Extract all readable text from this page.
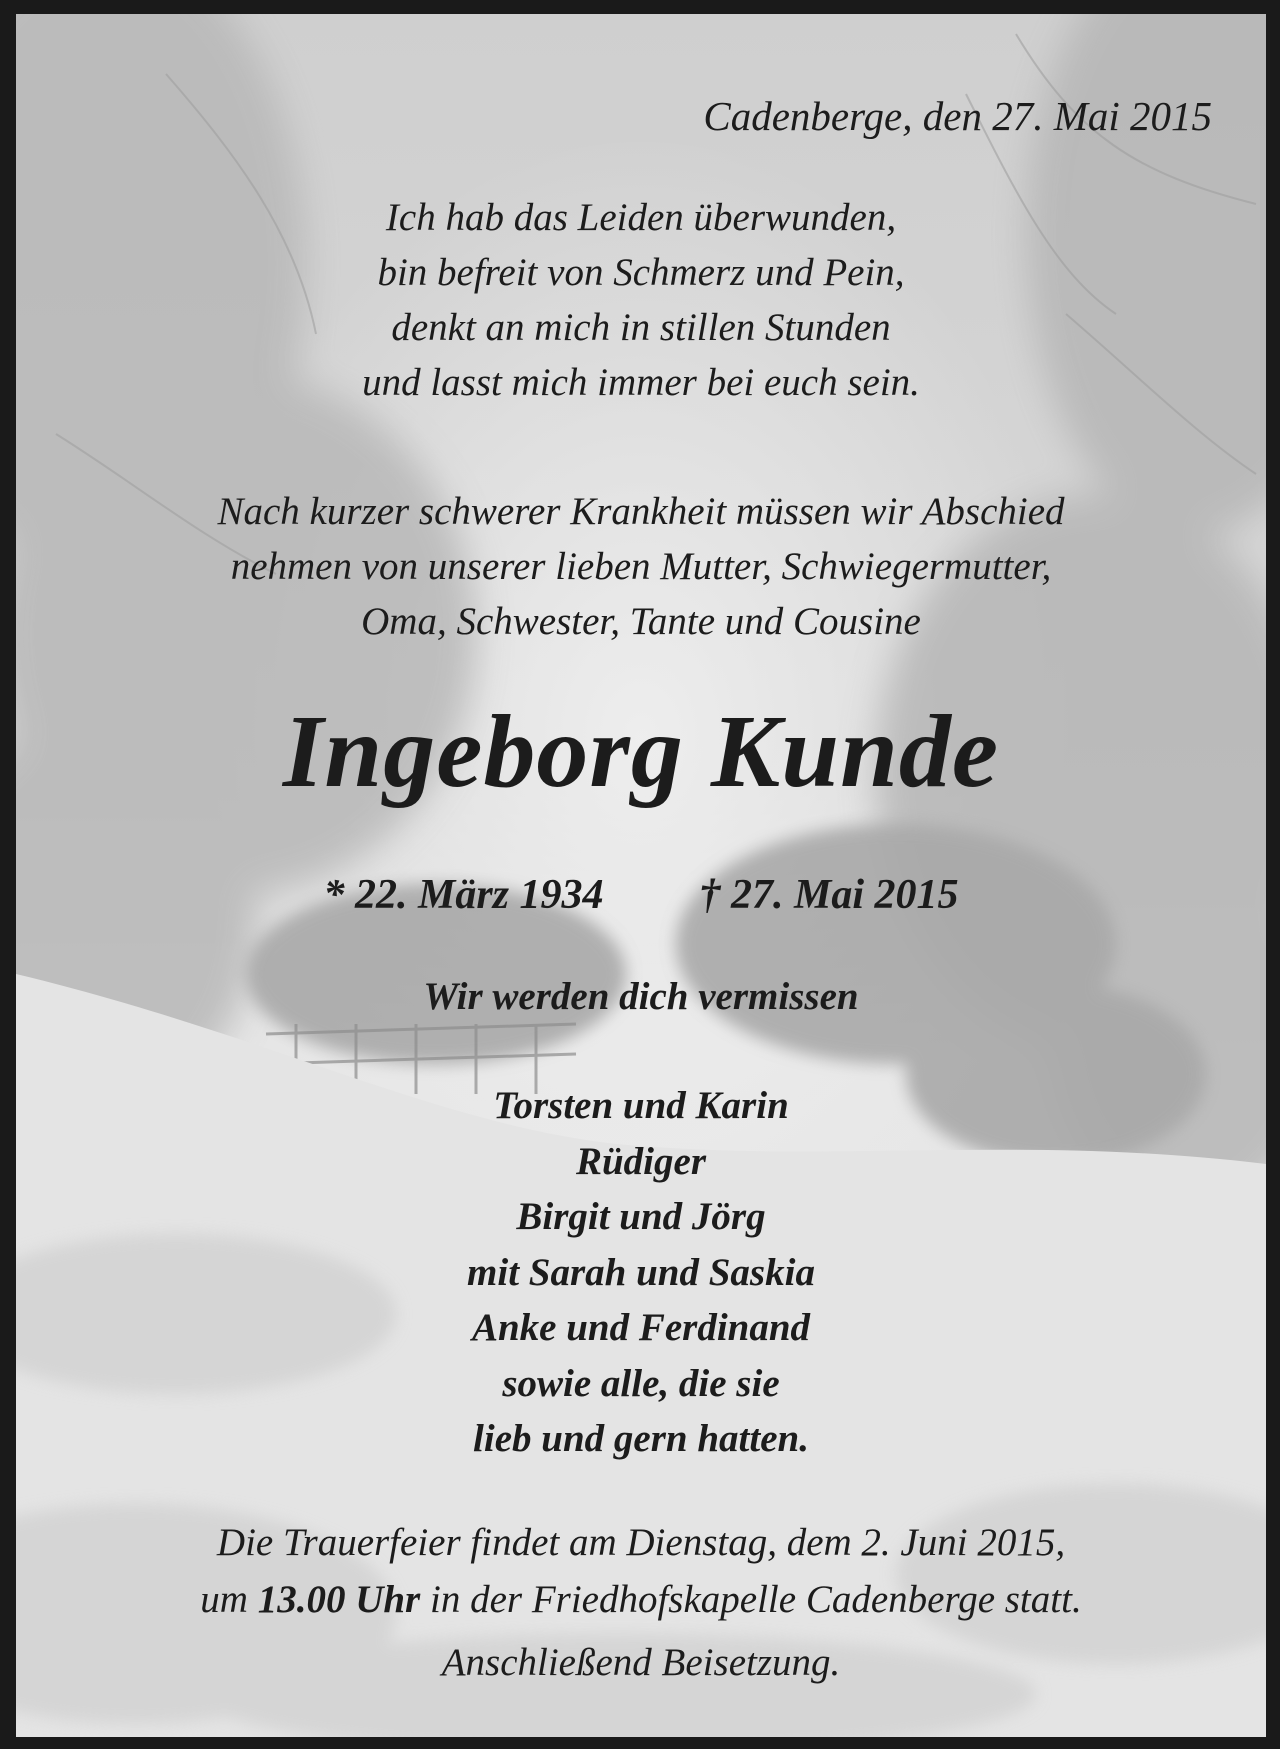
Cadenberge, den 27. Mai 2015
Ich hab das Leiden überwunden,
bin befreit von Schmerz und Pein,
denkt an mich in stillen Stunden
und lasst mich immer bei euch sein.
Nach kurzer schwerer Krankheit müssen wir Abschied
nehmen von unserer lieben Mutter, Schwiegermutter,
Oma, Schwester, Tante und Cousine
Ingeborg Kunde
* 22. März 1934 † 27. Mai 2015
Wir werden dich vermissen
Torsten und Karin
Rüdiger
Birgit und Jörg
mit Sarah und Saskia
Anke und Ferdinand
sowie alle, die sie
lieb und gern hatten.
Die Trauerfeier findet am Dienstag, dem 2. Juni 2015,
um 13.00 Uhr in der Friedhofskapelle Cadenberge statt.
Anschließend Beisetzung.
